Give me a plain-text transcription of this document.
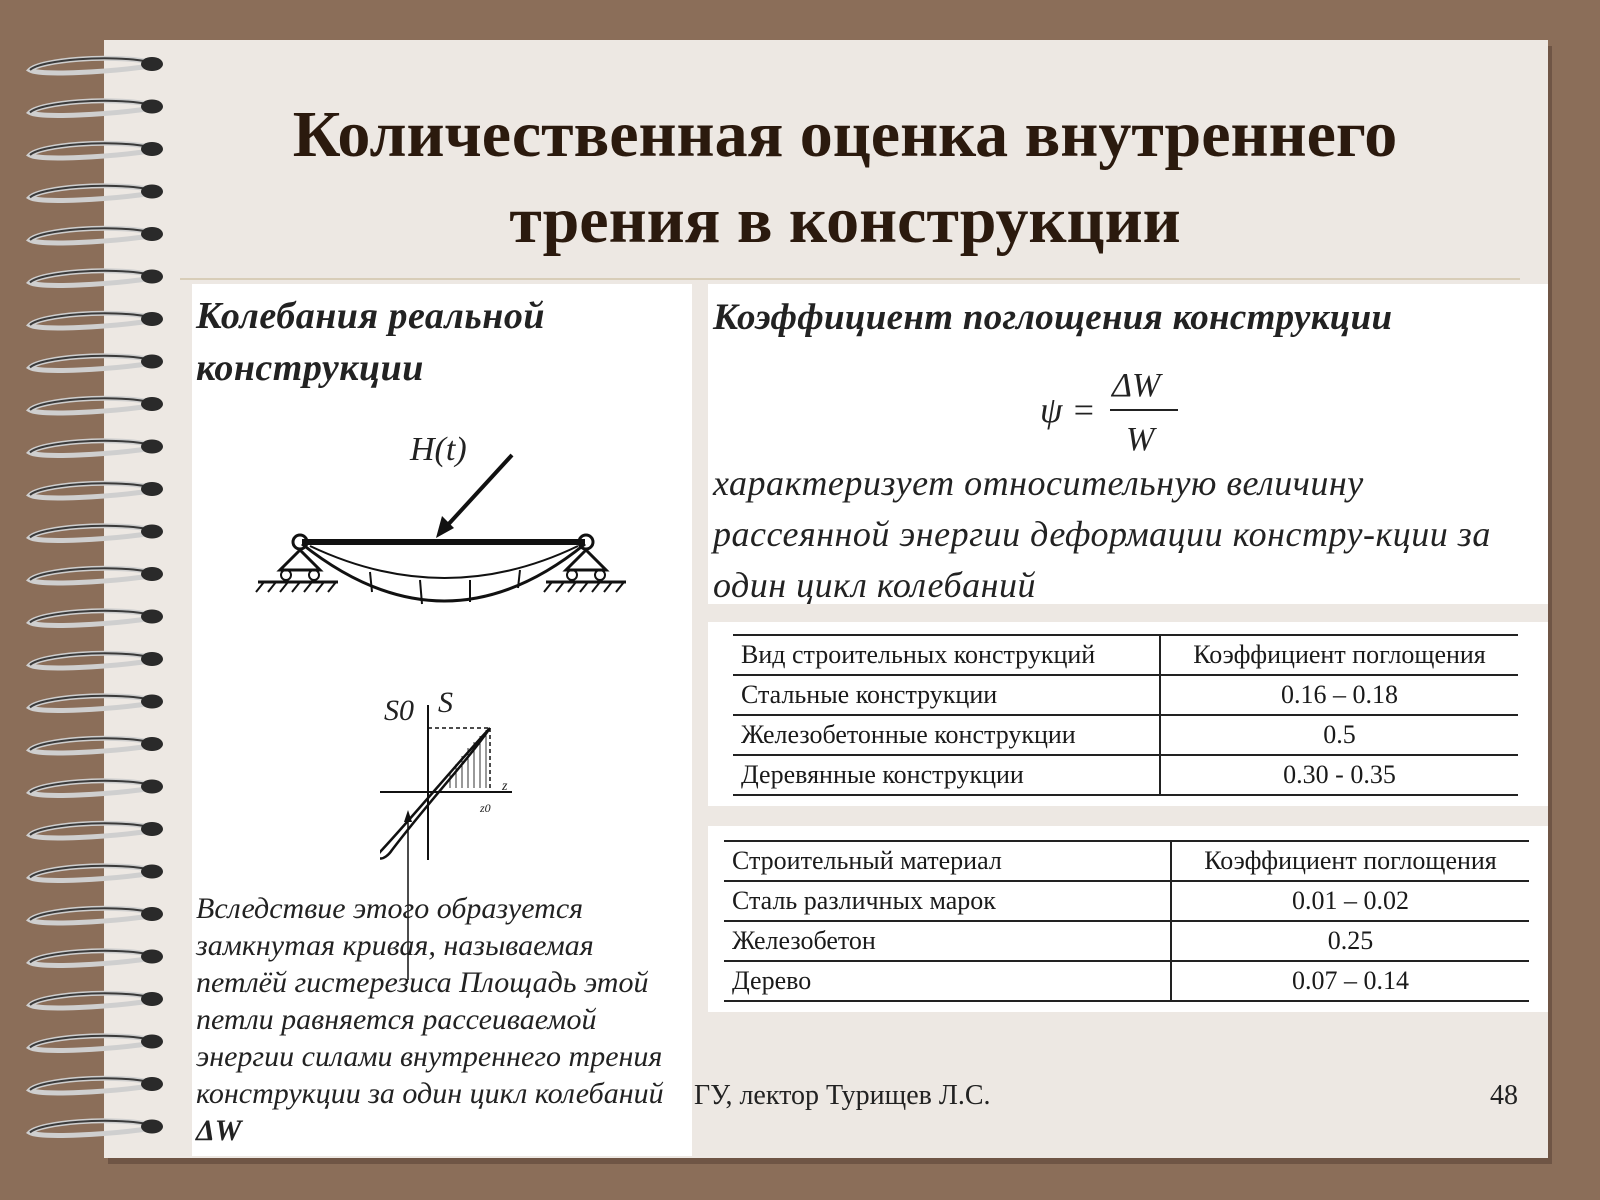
Количественная оценка внутреннего трения в конструкции
Колебания реальной конструкции
H(t)
S0 S
z
z0
Вследствие этого образуется замкнутая кривая, называемая петлёй гистерезиса Площадь этой петли равняется рассеиваемой энергии силами внутреннего трения конструкции за один цикл колебаний ΔW
Коэффициент поглощения конструкции
ψ =
ΔW
W
характеризует относительную величину рассеянной энергии деформации констру-кции за один цикл колебаний
Вид строительных конструкций	Коэффициент поглощения
Стальные конструкции	0.16 – 0.18
Железобетонные конструкции	0.5
Деревянные конструкции	0.30 - 0.35
Строительный материал	Коэффициент поглощения
Сталь различных марок	0.01 – 0.02
Железобетон	0.25
Дерево	0.07 – 0.14
ГУ, лектор Турищев Л.С.	48
